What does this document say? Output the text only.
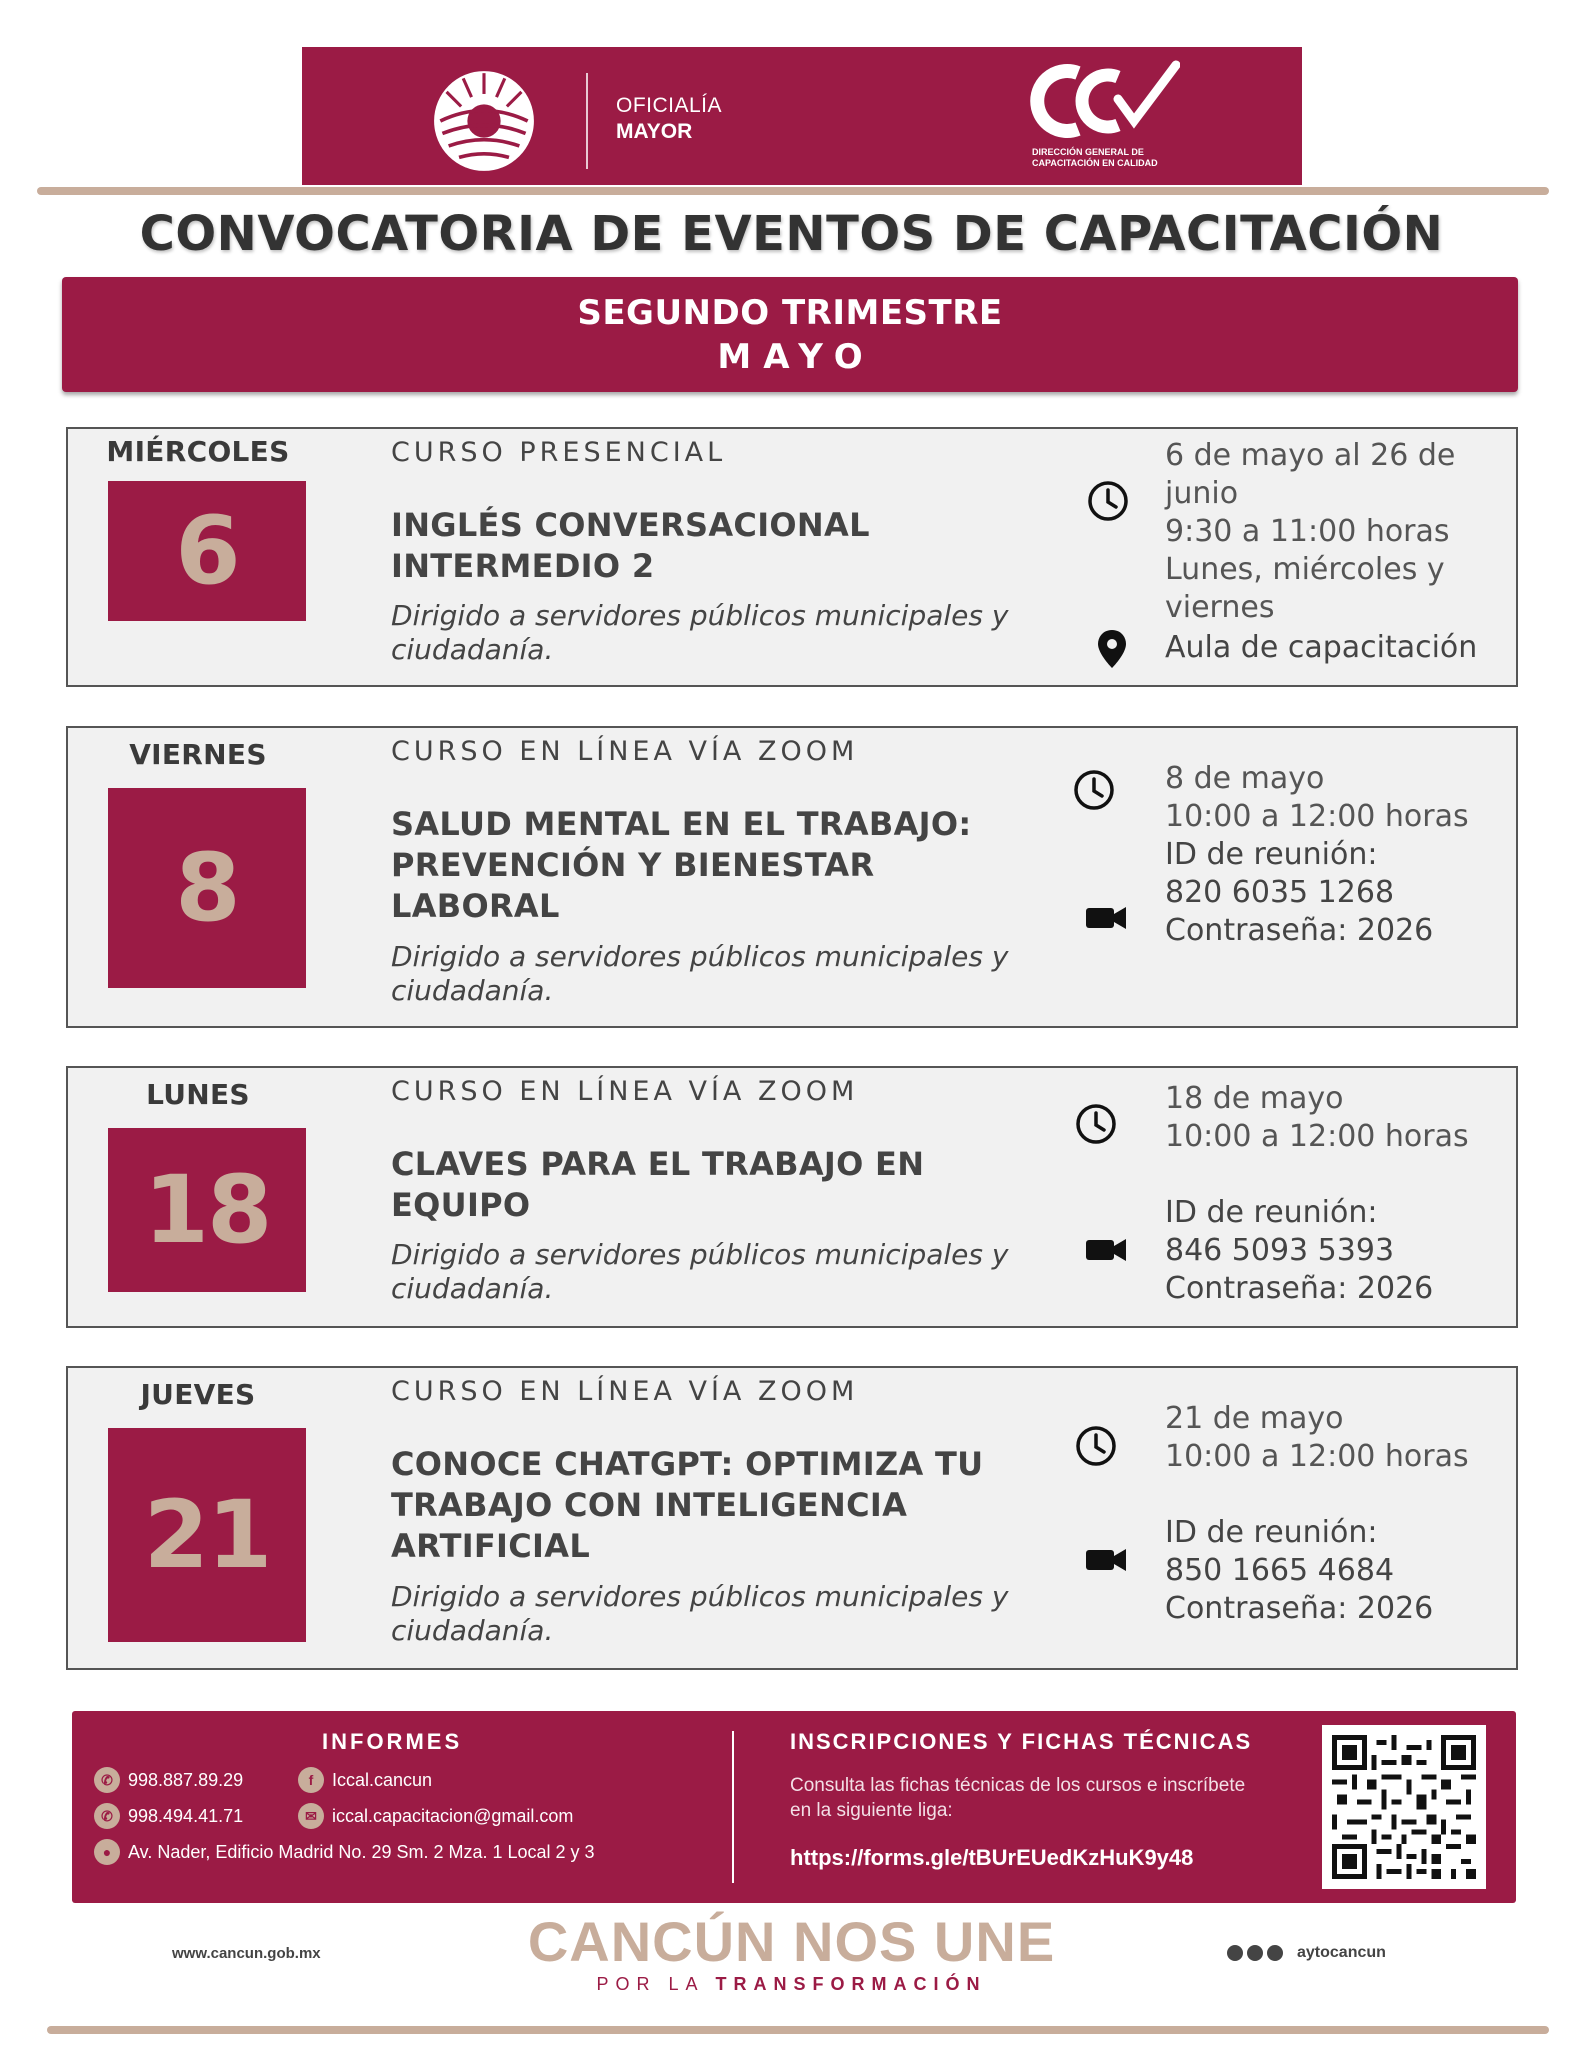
OFICIALÍA
MAYOR
DIRECCIÓN GENERAL DE CAPACITACIÓN EN CALIDAD
CONVOCATORIA DE EVENTOS DE CAPACITACIÓN
SEGUNDO TRIMESTRE
MAYO
MIÉRCOLES
6
CURSO PRESENCIAL
INGLÉS CONVERSACIONAL INTERMEDIO 2
Dirigido a servidores públicos municipales y ciudadanía.
6 de mayo al 26 de junio
9:30 a 11:00 horas
Lunes, miércoles y viernes
Aula de capacitación
VIERNES
8
CURSO EN LÍNEA VÍA ZOOM
SALUD MENTAL EN EL TRABAJO: PREVENCIÓN Y BIENESTAR LABORAL
Dirigido a servidores públicos municipales y ciudadanía.
8 de mayo
10:00 a 12:00 horas
ID de reunión:
820 6035 1268
Contraseña: 2026
LUNES
18
CURSO EN LÍNEA VÍA ZOOM
CLAVES PARA EL TRABAJO EN EQUIPO
Dirigido a servidores públicos municipales y ciudadanía.
18 de mayo
10:00 a 12:00 horas
ID de reunión:
846 5093 5393
Contraseña: 2026
JUEVES
21
CURSO EN LÍNEA VÍA ZOOM
CONOCE CHATGPT: OPTIMIZA TU TRABAJO CON INTELIGENCIA ARTIFICIAL
Dirigido a servidores públicos municipales y ciudadanía.
21 de mayo
10:00 a 12:00 horas
ID de reunión:
850 1665 4684
Contraseña: 2026
INFORMES
✆ 998.887.89.29	f	Iccal.cancun
✆ 998.494.41.71	✉ iccal.capacitacion@gmail.com
● Av. Nader, Edificio Madrid No. 29 Sm. 2 Mza. 1 Local 2 y 3
INSCRIPCIONES Y FICHAS TÉCNICAS
Consulta las fichas técnicas de los cursos e inscríbete en la siguiente liga:
https://forms.gle/tBUrEUedKzHuK9y48
www.cancun.gob.mx	CANCÚN NOS UNE
POR LA TRANSFORMACIÓN
aytocancun
